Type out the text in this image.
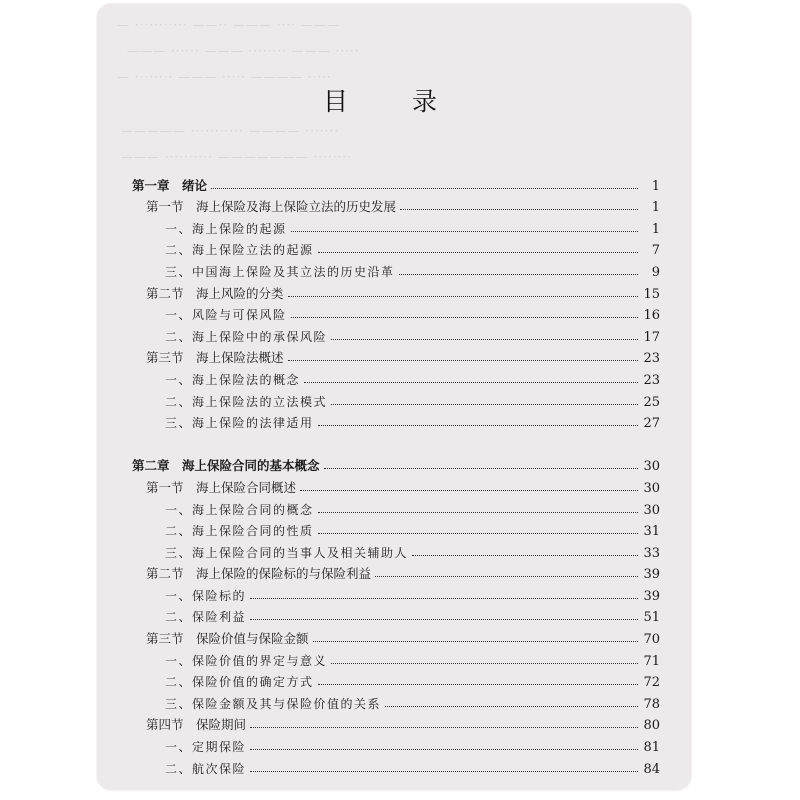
— ··········· ——·· ——— ···· ———
——— ······ ——— ········ ——— ·····
— ········ ——— ····· ———— ·····
————— ··········· ———— ·······
——— ·········· ——————— ········
目 录
第一章　绪论	1
第一节　海上保险及海上保险立法的历史发展	1
一、海上保险的起源	1
二、海上保险立法的起源	7
三、中国海上保险及其立法的历史沿革	9
第二节　海上风险的分类	15
一、风险与可保风险	16
二、海上保险中的承保风险	17
第三节　海上保险法概述	23
一、海上保险法的概念	23
二、海上保险法的立法模式	25
三、海上保险的法律适用	27
第二章　海上保险合同的基本概念	30
第一节　海上保险合同概述	30
一、海上保险合同的概念	30
二、海上保险合同的性质	31
三、海上保险合同的当事人及相关辅助人	33
第二节　海上保险的保险标的与保险利益	39
一、保险标的	39
二、保险利益	51
第三节　保险价值与保险金额	70
一、保险价值的界定与意义	71
二、保险价值的确定方式	72
三、保险金额及其与保险价值的关系	78
第四节　保险期间	80
一、定期保险	81
二、航次保险	84
